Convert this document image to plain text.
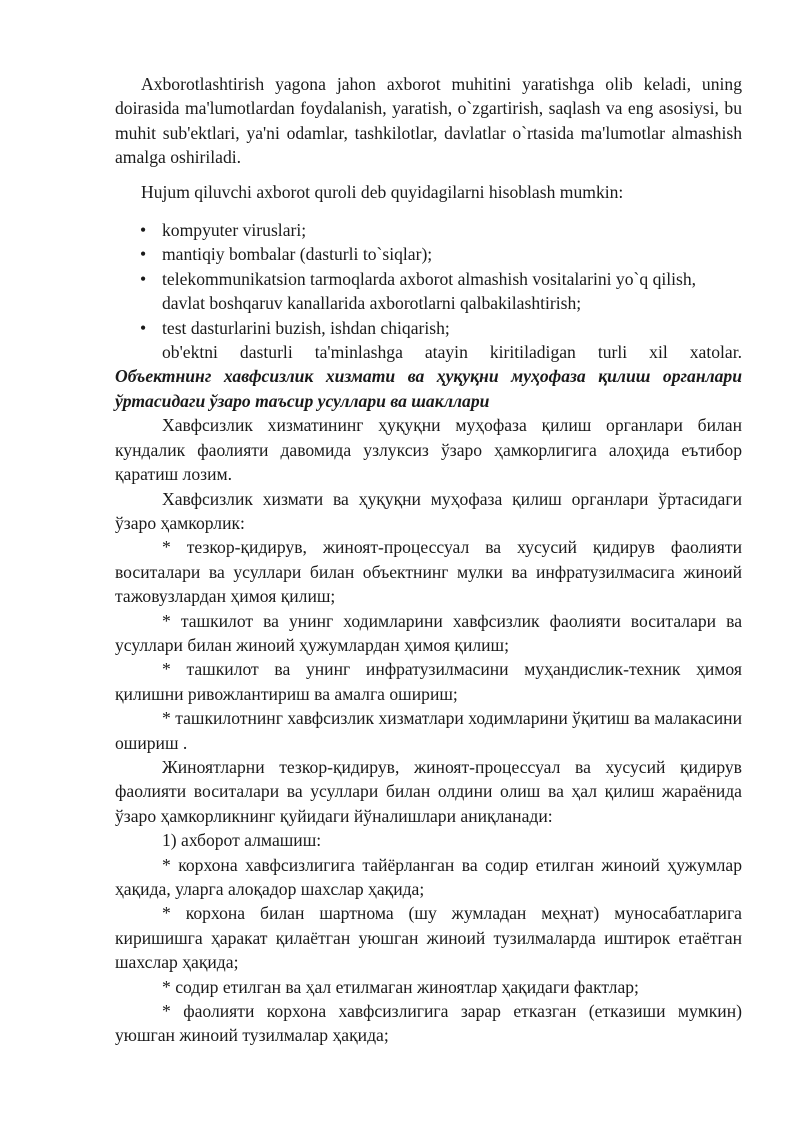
Axborotlashtirish yagona jahon axborot muhitini yaratishga olib keladi, uning doirasida ma'lumotlardan foydalanish, yaratish, o`zgartirish, saqlash va eng asosiysi, bu muhit sub'ektlari, ya'ni odamlar, tashkilotlar, davlatlar o`rtasida ma'lumotlar almashish amalga oshiriladi.

Hujum qiluvchi axborot quroli deb quyidagilarni hisoblash mumkin:

• kompyuter viruslari;
• mantiqiy bombalar (dasturli to`siqlar);
• telekommunikatsion tarmoqlarda axborot almashish vositalarini yo`q qilish, davlat boshqaruv kanallarida axborotlarni qalbakilashtirish;
• test dasturlarini buzish, ishdan chiqarish;

ob'ektni dasturli ta'minlashga atayin kiritiladigan turli xil xatolar.

Объектнинг хавфсизлик хизмати ва ҳуқуқни муҳофаза қилиш органлари ўртасидаги ўзаро таъсир усуллари ва шакллари

Хавфсизлик хизматининг ҳуқуқни муҳофаза қилиш органлари билан кундалик фаолияти давомида узлуксиз ўзаро ҳамкорлигига алоҳида еътибор қаратиш лозим.

Хавфсизлик хизмати ва ҳуқуқни муҳофаза қилиш органлари ўртасидаги ўзаро ҳамкорлик:

* тезкор-қидирув, жиноят-процессуал ва хусусий қидирув фаолияти воситалари ва усуллари билан объектнинг мулки ва инфратузилмасига жиноий тажовузлардан ҳимоя қилиш;

* ташкилот ва унинг ходимларини хавфсизлик фаолияти воситалари ва усуллари билан жиноий ҳужумлардан ҳимоя қилиш;

* ташкилот ва унинг инфратузилмасини муҳандислик-техник ҳимоя қилишни ривожлантириш ва амалга ошириш;

* ташкилотнинг хавфсизлик хизматлари ходимларини ўқитиш ва малакасини ошириш .

Жиноятларни тезкор-қидирув, жиноят-процессуал ва хусусий қидирув фаолияти воситалари ва усуллари билан олдини олиш ва ҳал қилиш жараёнида ўзаро ҳамкорликнинг қуйидаги йўналишлари аниқланади:

1) ахборот алмашиш:

* корхона хавфсизлигига тайёрланган ва содир етилган жиноий ҳужумлар ҳақида, уларга алоқадор шахслар ҳақида;

* корхона билан шартнома (шу жумладан меҳнат) муносабатларига киришишга ҳаракат қилаётган уюшган жиноий тузилмаларда иштирок етаётган шахслар ҳақида;

* содир етилган ва ҳал етилмаган жиноятлар ҳақидаги фактлар;

* фаолияти корхона хавфсизлигига зарар етказган (етказиши мумкин) уюшган жиноий тузилмалар ҳақида;
